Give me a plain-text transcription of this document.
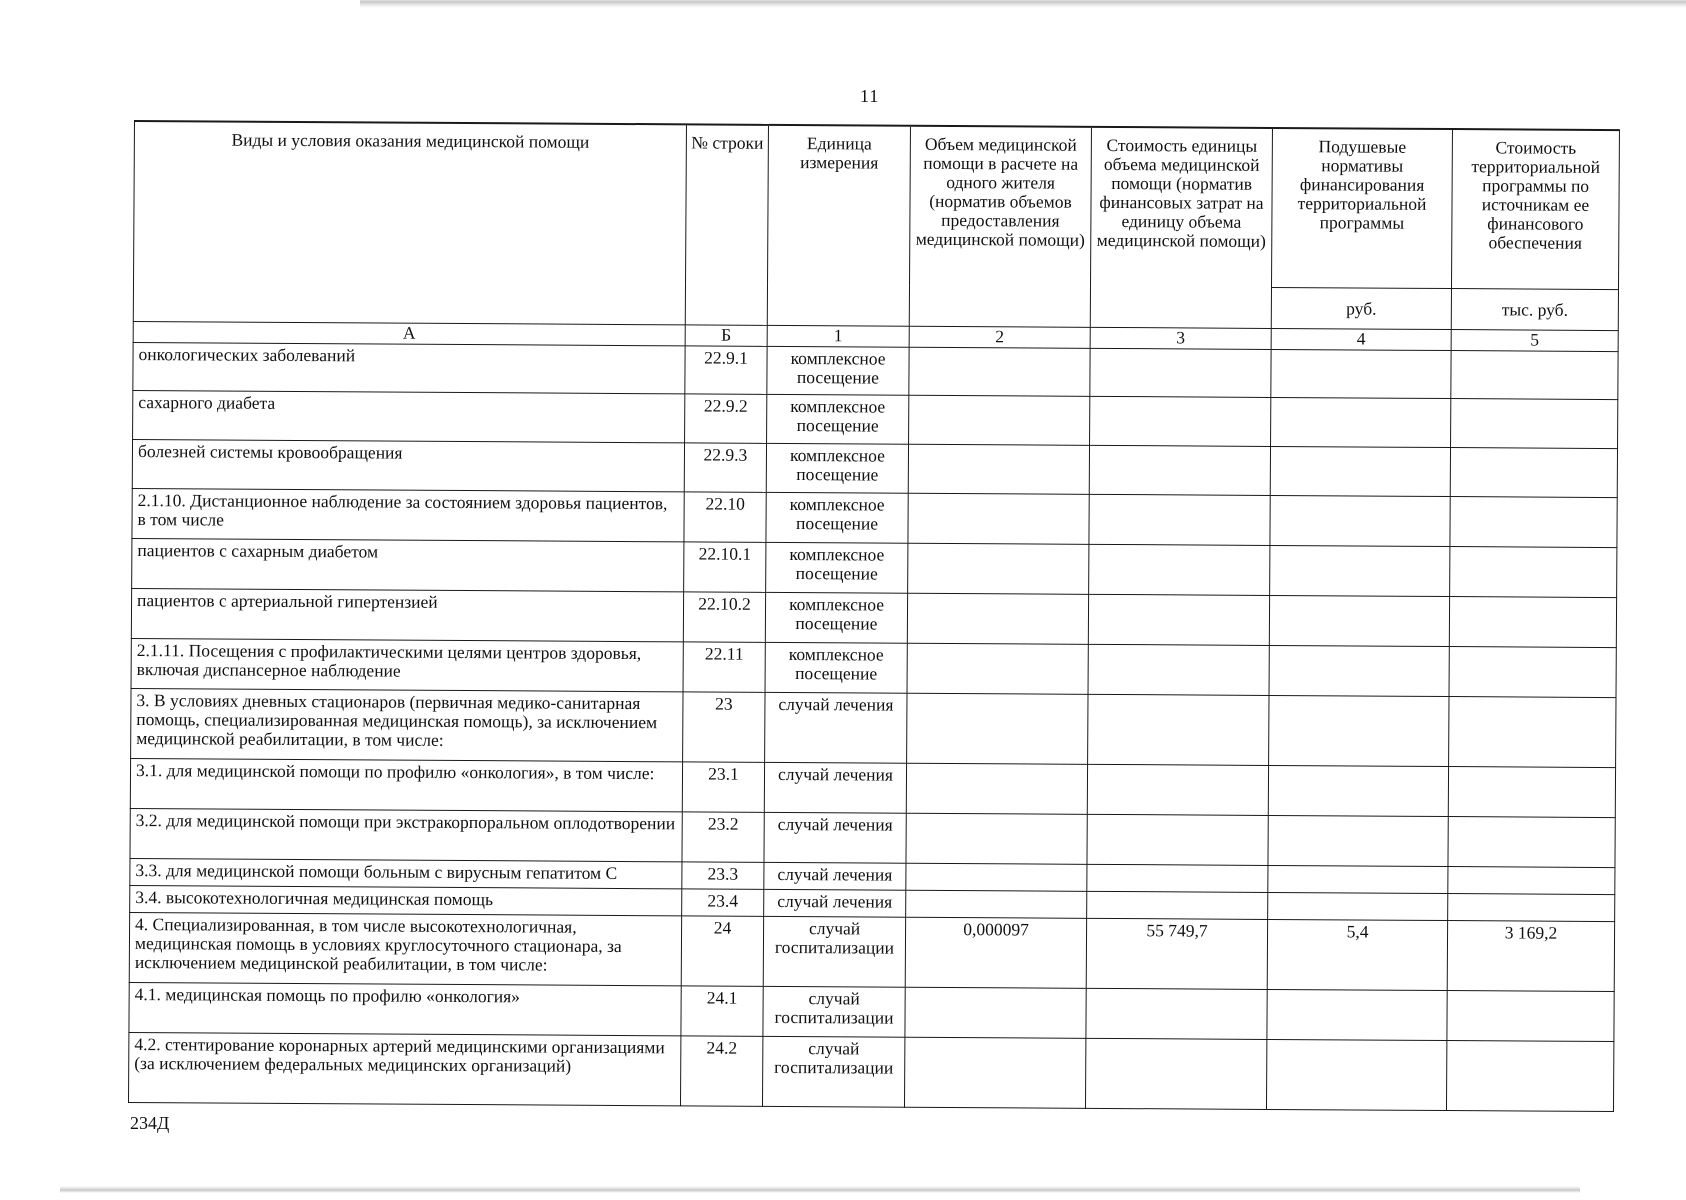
11
Виды и условия оказания медицинской помощи	№ строки	Единица измерения	Объем медицинской помощи в расчете на одного жителя (норматив объемов предоставления медицинской помощи)	Стоимость единицы объема медицинской помощи (норматив финансовых затрат на единицу объема медицинской помощи)	Подушевые нормативы финансирования территориальной программы	Стоимость территориальной программы по источникам ее финансового обеспечения
					руб.	тыс. руб.
А	Б	1	2	3	4	5
онкологических заболеваний	22.9.1	комплексное посещение				
сахарного диабета	22.9.2	комплексное посещение				
болезней системы кровообращения	22.9.3	комплексное посещение				
2.1.10. Дистанционное наблюдение за состоянием здоровья пациентов, в том числе	22.10	комплексное посещение				
пациентов с сахарным диабетом	22.10.1	комплексное посещение				
пациентов с артериальной гипертензией	22.10.2	комплексное посещение				
2.1.11. Посещения с профилактическими целями центров здоровья, включая диспансерное наблюдение	22.11	комплексное посещение				
3. В условиях дневных стационаров (первичная медико-санитарная помощь, специализированная медицинская помощь), за исключением медицинской реабилитации, в том числе:	23	случай лечения				
3.1. для медицинской помощи по профилю «онкология», в том числе:	23.1	случай лечения				
3.2. для медицинской помощи при экстракорпоральном оплодотворении	23.2	случай лечения				
3.3. для медицинской помощи больным с вирусным гепатитом С	23.3	случай лечения				
3.4. высокотехнологичная медицинская помощь	23.4	случай лечения				
4. Специализированная, в том числе высокотехнологичная, медицинская помощь в условиях круглосуточного стационара, за исключением медицинской реабилитации, в том числе:	24	случай госпитализации	0,000097	55 749,7	5,4	3 169,2
4.1. медицинская помощь по профилю «онкология»	24.1	случай госпитализации				
4.2. стентирование коронарных артерий медицинскими организациями (за исключением федеральных медицинских организаций)	24.2	случай госпитализации				
234Д
